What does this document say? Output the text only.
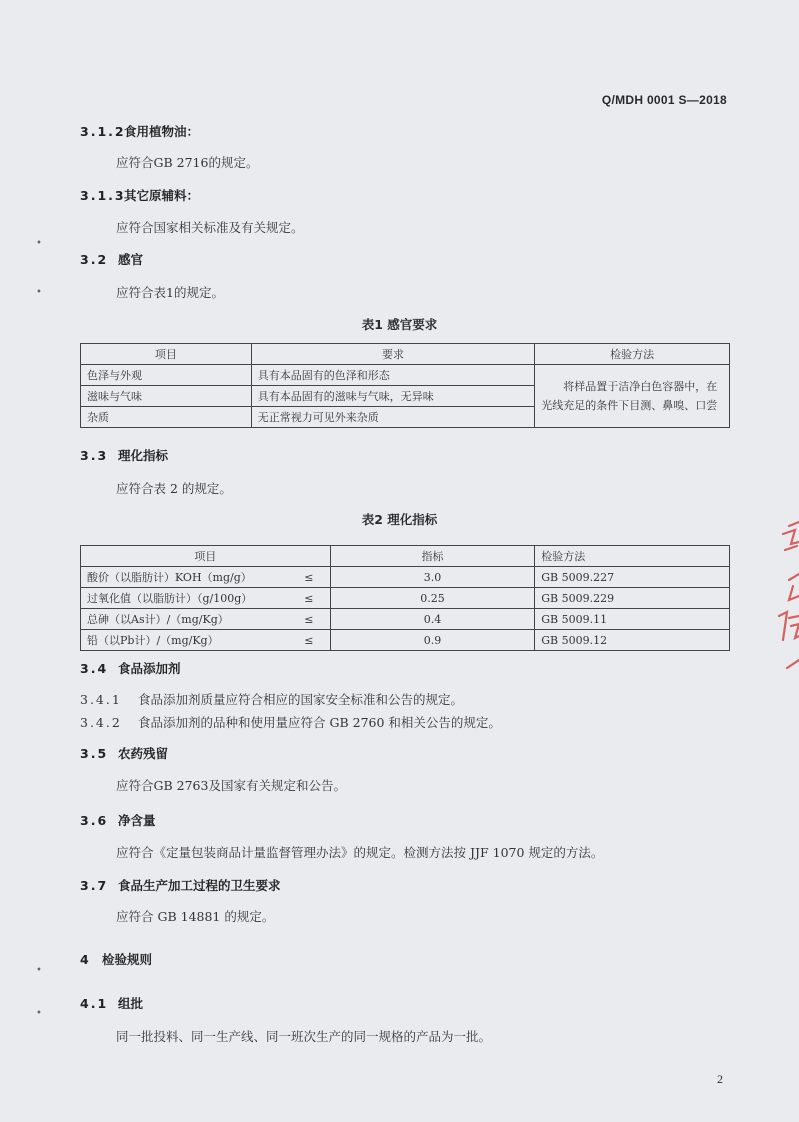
Q/MDH 0001 S—2018
3.1.2食用植物油：
应符合GB 2716的规定。
3.1.3其它原辅料：
应符合国家相关标准及有关规定。
3.2 感官
应符合表1的规定。
表1 感官要求
项目	要求	检验方法
色泽与外观	具有本品固有的色泽和形态	　　将样品置于洁净白色容器中，在光线充足的条件下目测、鼻嗅、口尝
滋味与气味	具有本品固有的滋味与气味，无异味	
杂质	无正常视力可见外来杂质	
3.3 理化指标
应符合表 2 的规定。
表2 理化指标
项目		指标	检验方法
酸价（以脂肪计）KOH（mg/g）	≤	3.0	GB 5009.227
过氧化值（以脂肪计）（g/100g）	≤	0.25	GB 5009.229
总砷（以As计）/（mg/Kg）	≤	0.4	GB 5009.11
铅（以Pb计）/（mg/Kg）	≤	0.9	GB 5009.12
3.4 食品添加剂
3.4.1 食品添加剂质量应符合相应的国家安全标准和公告的规定。
3.4.2 食品添加剂的品种和使用量应符合 GB 2760 和相关公告的规定。
3.5 农药残留
应符合GB 2763及国家有关规定和公告。
3.6 净含量
应符合《定量包装商品计量监督管理办法》的规定。检测方法按 JJF 1070 规定的方法。
3.7 食品生产加工过程的卫生要求
应符合 GB 14881 的规定。
4 检验规则
4.1 组批
同一批投料、同一生产线、同一班次生产的同一规格的产品为一批。
2
•
•
•
•
